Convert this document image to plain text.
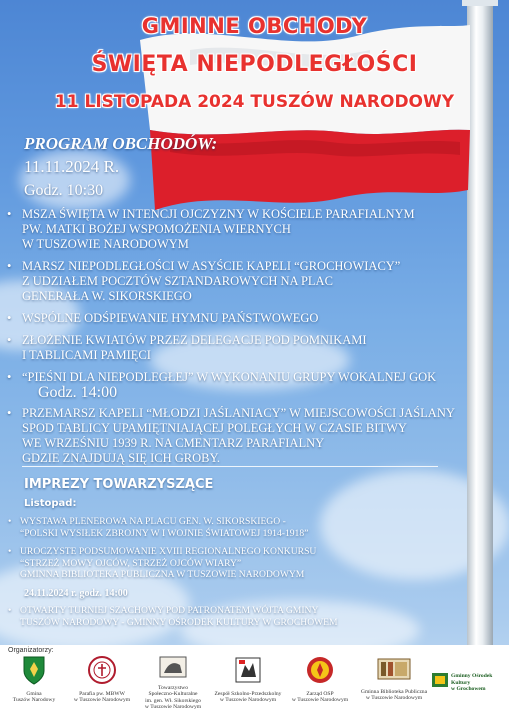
GMINNE OBCHODY
ŚWIĘTA NIEPODLEGŁOŚCI
11 LISTOPADA 2024 TUSZÓW NARODOWY
PROGRAM OBCHODÓW:
11.11.2024 R.
Godz. 10:30
• MSZA ŚWIĘTA W INTENCJI OJCZYZNY W KOŚCIELE PARAFIALNYM
PW. MATKI BOŻEJ WSPOMOŻENIA WIERNYCH
W TUSZOWIE NARODOWYM
• MARSZ NIEPODLEGŁOŚCI W ASYŚCIE KAPELI “GROCHOWIACY”
Z UDZIAŁEM POCZTÓW SZTANDAROWYCH NA PLAC
GENERAŁA W. SIKORSKIEGO
• WSPÓLNE ODŚPIEWANIE HYMNU PAŃSTWOWEGO
• ZŁOŻENIE KWIATÓW PRZEZ DELEGACJE POD POMNIKAMI
I TABLICAMI PAMIĘCI
• “PIEŚNI DLA NIEPODLEGŁEJ” W WYKONANIU GRUPY WOKALNEJ GOK
Godz. 14:00
• PRZEMARSZ KAPELI “MŁODZI JAŚLANIACY” W MIEJSCOWOŚCI JAŚLANY
SPOD TABLICY UPAMIĘTNIAJĄCEJ POLEGŁYCH W CZASIE BITWY
WE WRZEŚNIU 1939 R. NA CMENTARZ PARAFIALNY
GDZIE ZNAJDUJĄ SIĘ ICH GROBY.
IMPREZY TOWARZYSZĄCE
Listopad:
• WYSTAWA PLENEROWA NA PLACU GEN. W. SIKORSKIEGO -
“POLSKI WYSIŁEK ZBROJNY W I WOJNIE ŚWIATOWEJ 1914-1918”
• UROCZYSTE PODSUMOWANIE XVIII REGIONALNEGO KONKURSU
“STRZEŻ MOWY OJCÓW, STRZEŻ OJCÓW WIARY”
GMINNA BIBLIOTEKA PUBLICZNA W TUSZOWIE NARODOWYM
24.11.2024 r. godz. 14:00
• OTWARTY TURNIEJ SZACHOWY POD PATRONATEM WÓJTA GMINY
TUSZÓW NARODOWY - GMINNY OŚRODEK KULTURY W GROCHOWEM
Organizatorzy:
Gmina
Tuszów Narodowy
Parafia pw. MBWW
w Tuszowie Narodowym
Towarzystwo
Społeczno-Kulturalne
im. gen. Wł. Sikorskiego
w Tuszowie Narodowym
Zespół Szkolno-Przedszkolny
w Tuszowie Narodowym
Zarząd OSP
w Tuszowie Narodowym
Gminna Biblioteka Publiczna
w Tuszowie Narodowym
Gminny Ośrodek Kultury
w Grochowem
